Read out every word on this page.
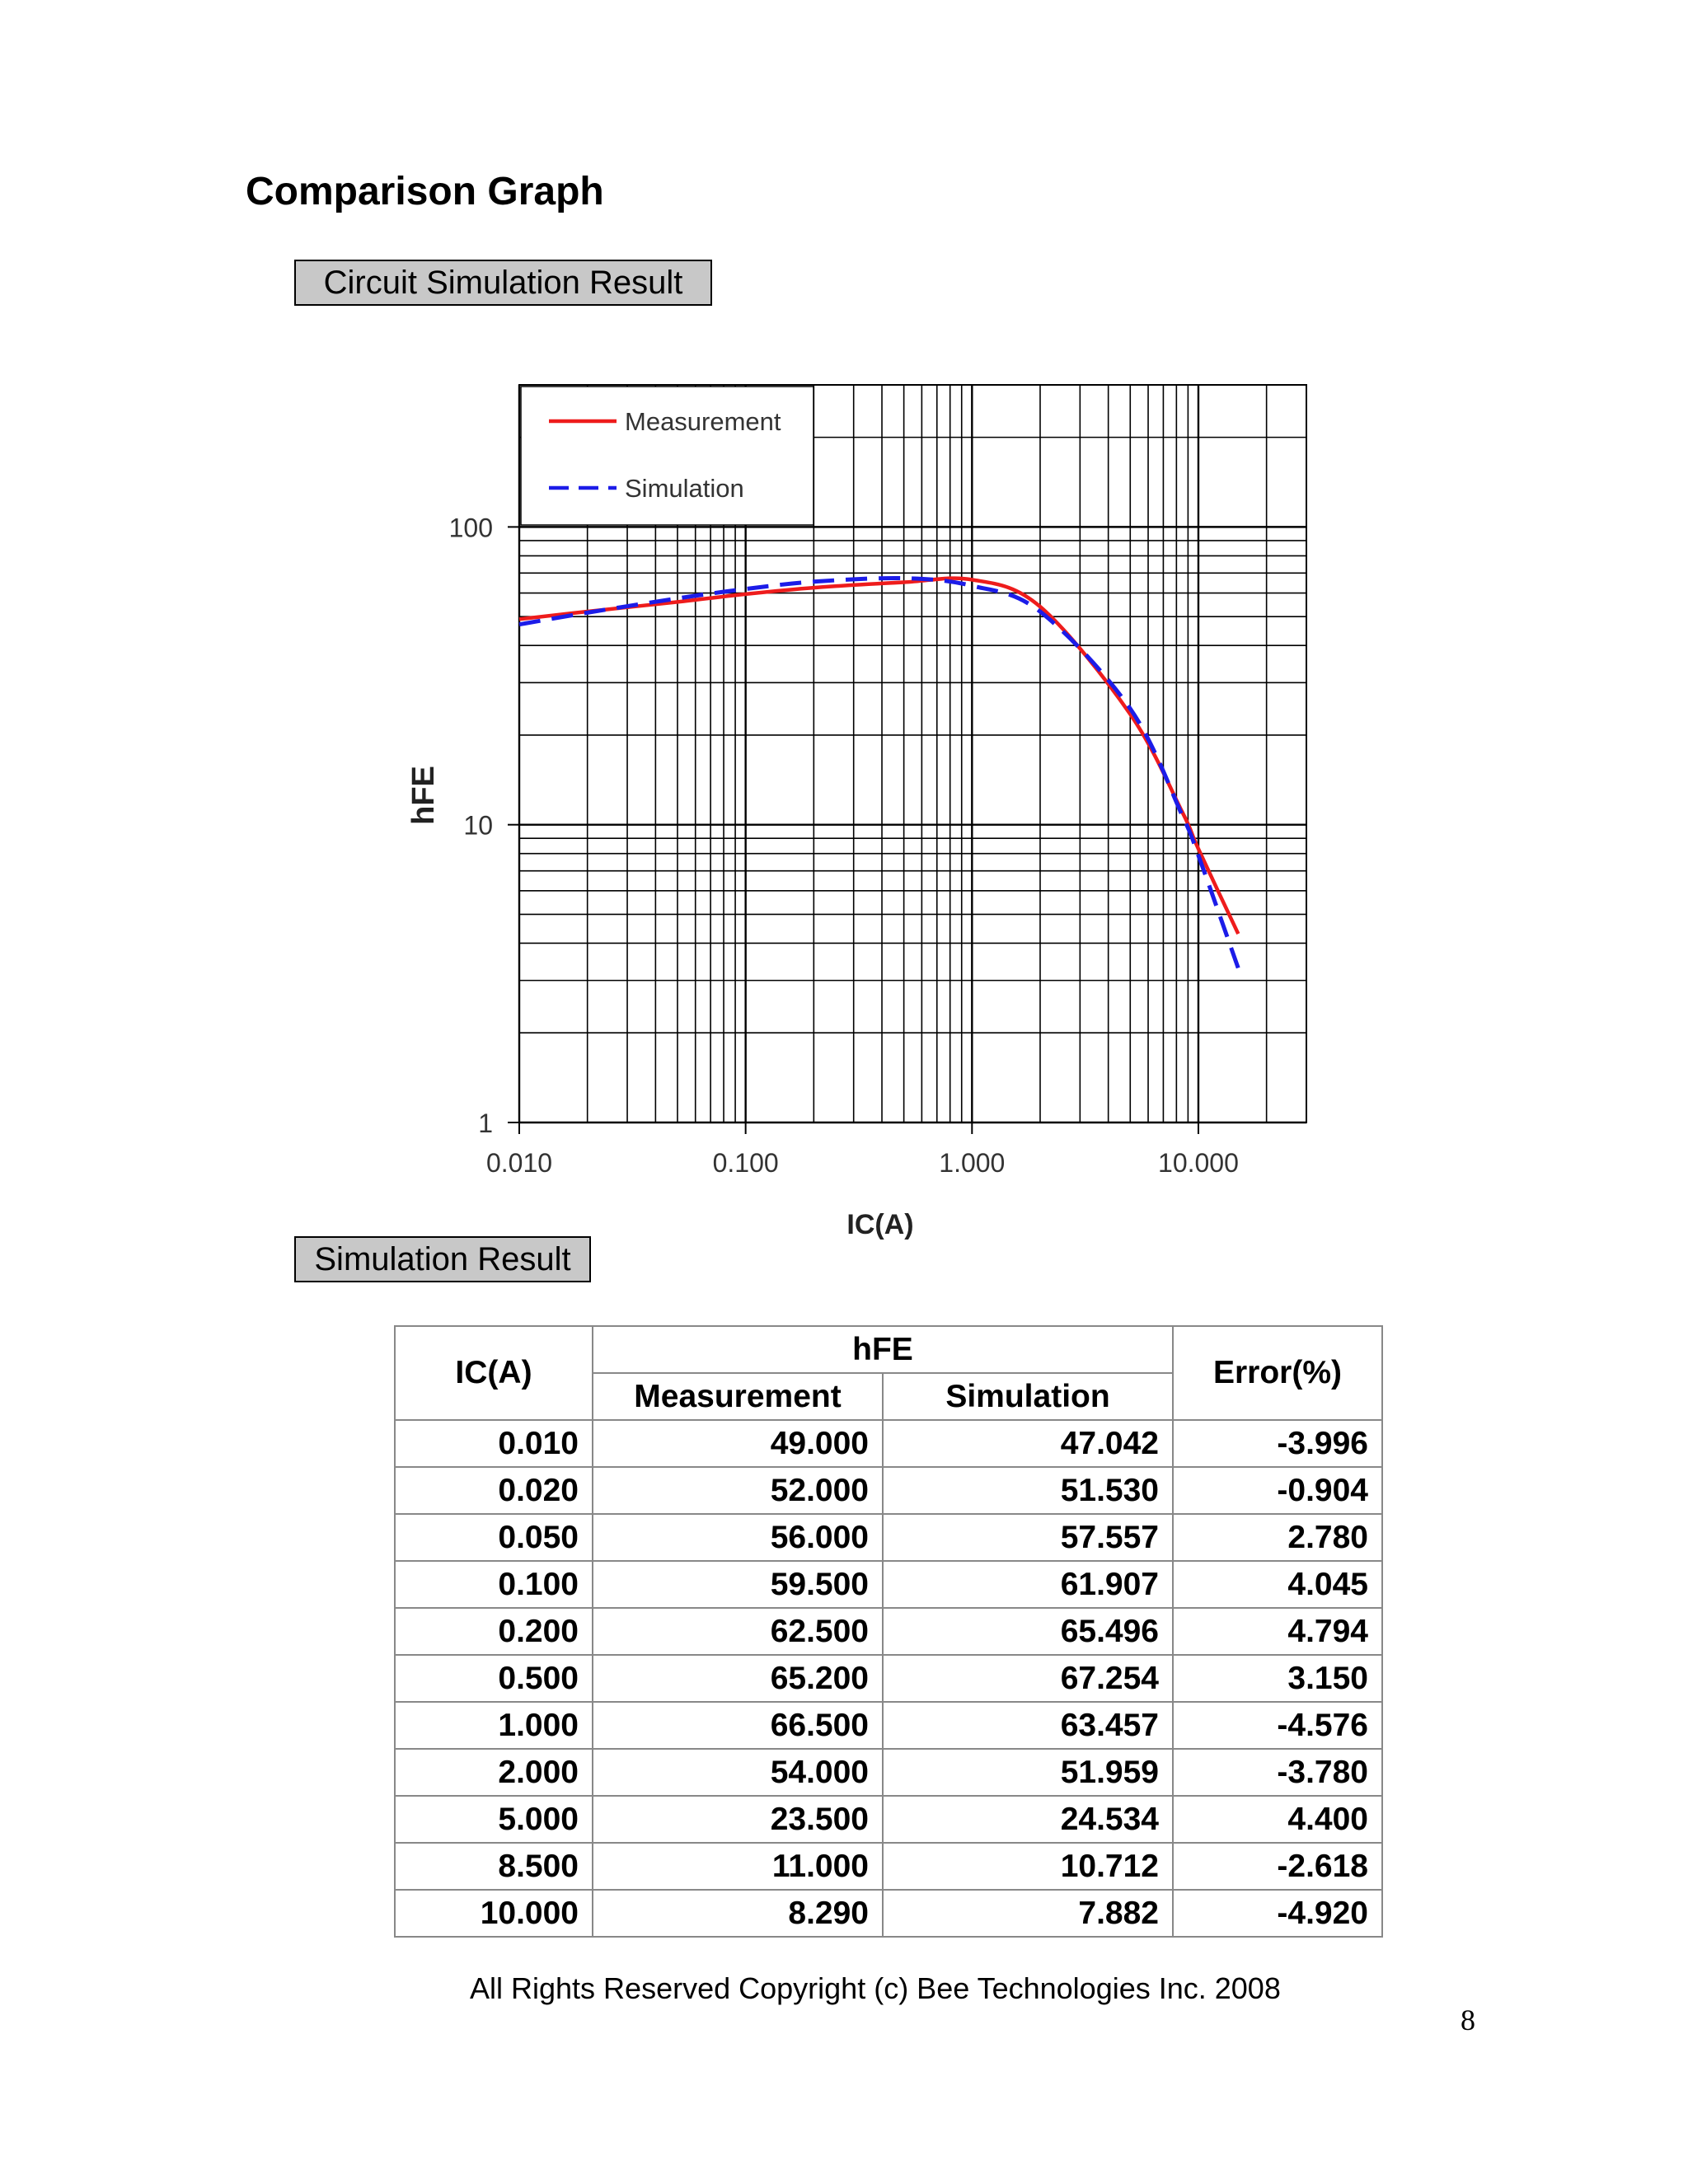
Comparison Graph
Circuit Simulation Result
Measurement
Simulation
1
10
100
0.010	0.100	1.000	10.000
IC(A)
hFE
Simulation Result
IC(A)	hFE		Error(%)
	Measurement	Simulation	
0.010	49.000	47.042	-3.996
0.020	52.000	51.530	-0.904
0.050	56.000	57.557	2.780
0.100	59.500	61.907	4.045
0.200	62.500	65.496	4.794
0.500	65.200	67.254	3.150
1.000	66.500	63.457	-4.576
2.000	54.000	51.959	-3.780
5.000	23.500	24.534	4.400
8.500	11.000	10.712	-2.618
10.000	8.290	7.882	-4.920
All Rights Reserved Copyright (c) Bee Technologies Inc. 2008
8
